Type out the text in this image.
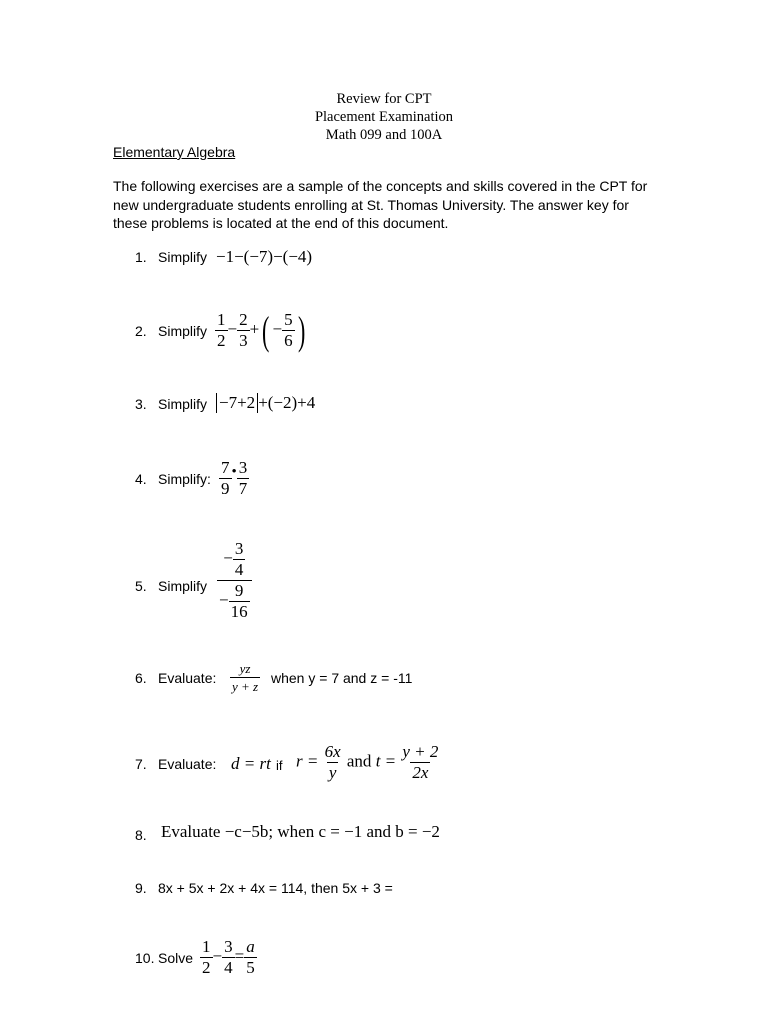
Review for CPT
Placement Examination
Math 099 and 100A
Elementary Algebra
The following exercises are a sample of the concepts and skills covered in the CPT for new undergraduate students enrolling at St. Thomas University. The answer key for these problems is located at the end of this document.
1. Simplify −1−(−7)−(−4)
2. Simplify $\frac{1}{2} - \frac{2}{3}$ +( − $\frac{5}{6}$ )
3. Simplify −7+2 +(−2)+4
4. Simplify: $\frac{7}{9}$ • $\frac{3}{7}$
5. Simplify $\frac{- \frac{3}{4}}{- \frac{9}{16}}$
6. Evaluate: $\frac{yz}{y + z}$ when y = 7 and z = -11
7. Evaluate: d = rt if $r = \frac{6x}{y}$ and $t = \frac{y + 2}{2x}$
8. Evaluate −c−5b; when c = −1 and b = −2
9. 8x + 5x + 2x + 4x = 114, then 5x + 3 =
10. Solve $\frac{1}{2} - \frac{3}{4} = \frac{a}{5}$
